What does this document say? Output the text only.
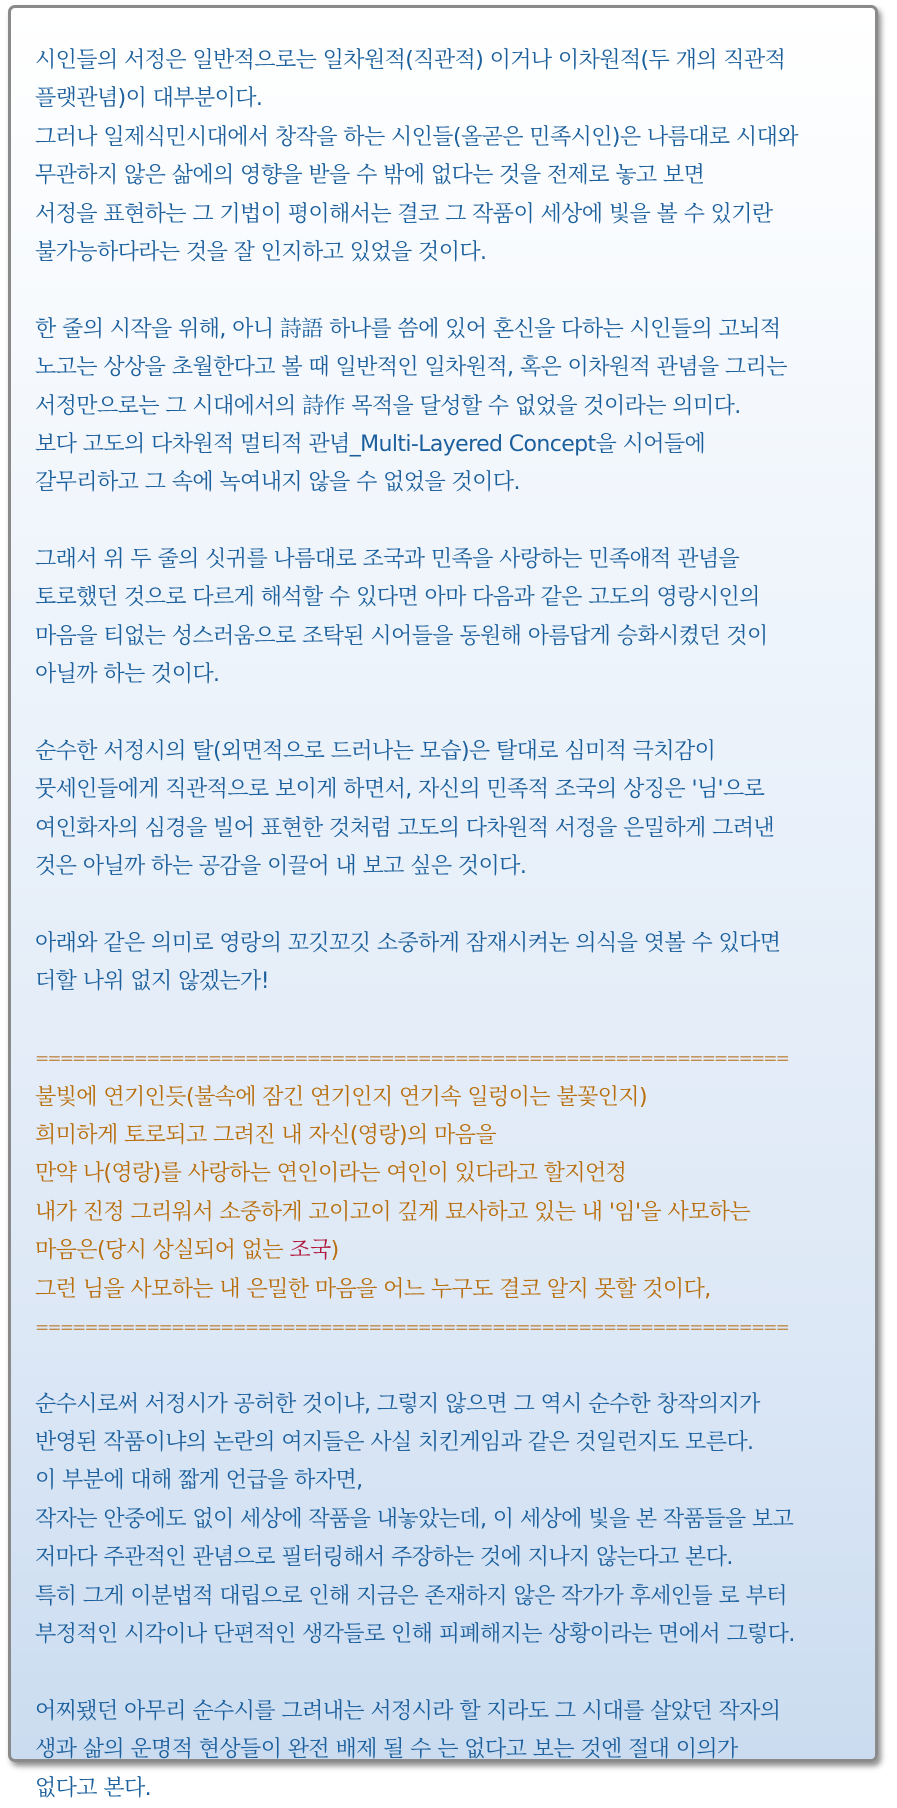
시인들의 서정은 일반적으로는 일차원적(직관적) 이거나 이차원적(두 개의 직관적
플랫관념)이 대부분이다.
그러나 일제식민시대에서 창작을 하는 시인들(올곧은 민족시인)은 나름대로 시대와
무관하지 않은 삶에의 영향을 받을 수 밖에 없다는 것을 전제로 놓고 보면
서정을 표현하는 그 기법이 평이해서는 결코 그 작품이 세상에 빛을 볼 수 있기란
불가능하다라는 것을 잘 인지하고 있었을 것이다.
한 줄의 시작을 위해, 아니 詩語 하나를 씀에 있어 혼신을 다하는 시인들의 고뇌적
노고는 상상을 초월한다고 볼 때 일반적인 일차원적, 혹은 이차원적 관념을 그리는
서정만으로는 그 시대에서의 詩作 목적을 달성할 수 없었을 것이라는 의미다.
보다 고도의 다차원적 멀티적 관념_Multi-Layered Concept을 시어들에
갈무리하고 그 속에 녹여내지 않을 수 없었을 것이다.
그래서 위 두 줄의 싯귀를 나름대로 조국과 민족을 사랑하는 민족애적 관념을
토로했던 것으로 다르게 해석할 수 있다면 아마 다음과 같은 고도의 영랑시인의
마음을 티없는 성스러움으로 조탁된 시어들을 동원해 아름답게 승화시켰던 것이
아닐까 하는 것이다.
순수한 서정시의 탈(외면적으로 드러나는 모습)은 탈대로 심미적 극치감이
뭇세인들에게 직관적으로 보이게 하면서, 자신의 민족적 조국의 상징은 '님'으로
여인화자의 심경을 빌어 표현한 것처럼 고도의 다차원적 서정을 은밀하게 그려낸
것은 아닐까 하는 공감을 이끌어 내 보고 싶은 것이다.
아래와 같은 의미로 영랑의 꼬깃꼬깃 소중하게 잠재시켜논 의식을 엿볼 수 있다면
더할 나위 없지 않겠는가!
=============================================================
불빛에 연기인듯(불속에 잠긴 연기인지 연기속 일렁이는 불꽃인지)
희미하게 토로되고 그려진 내 자신(영랑)의 마음을
만약 나(영랑)를 사랑하는 연인이라는 여인이 있다라고 할지언정
내가 진정 그리워서 소중하게 고이고이 깊게 묘사하고 있는 내 '임'을 사모하는
마음은(당시 상실되어 없는 조국)
그런 님을 사모하는 내 은밀한 마음을 어느 누구도 결코 알지 못할 것이다,
=============================================================
순수시로써 서정시가 공허한 것이냐, 그렇지 않으면 그 역시 순수한 창작의지가
반영된 작품이냐의 논란의 여지들은 사실 치킨게임과 같은 것일런지도 모른다.
이 부분에 대해 짧게 언급을 하자면,
작자는 안중에도 없이 세상에 작품을 내놓았는데, 이 세상에 빛을 본 작품들을 보고
저마다 주관적인 관념으로 필터링해서 주장하는 것에 지나지 않는다고 본다.
특히 그게 이분법적 대립으로 인해 지금은 존재하지 않은 작가가 후세인들 로 부터
부정적인 시각이나 단편적인 생각들로 인해 피폐해지는 상황이라는 면에서 그렇다.
어찌됐던 아무리 순수시를 그려내는 서정시라 할 지라도 그 시대를 살았던 작자의
생과 삶의 운명적 현상들이 완전 배제 될 수 는 없다고 보는 것엔 절대 이의가
없다고 본다.
